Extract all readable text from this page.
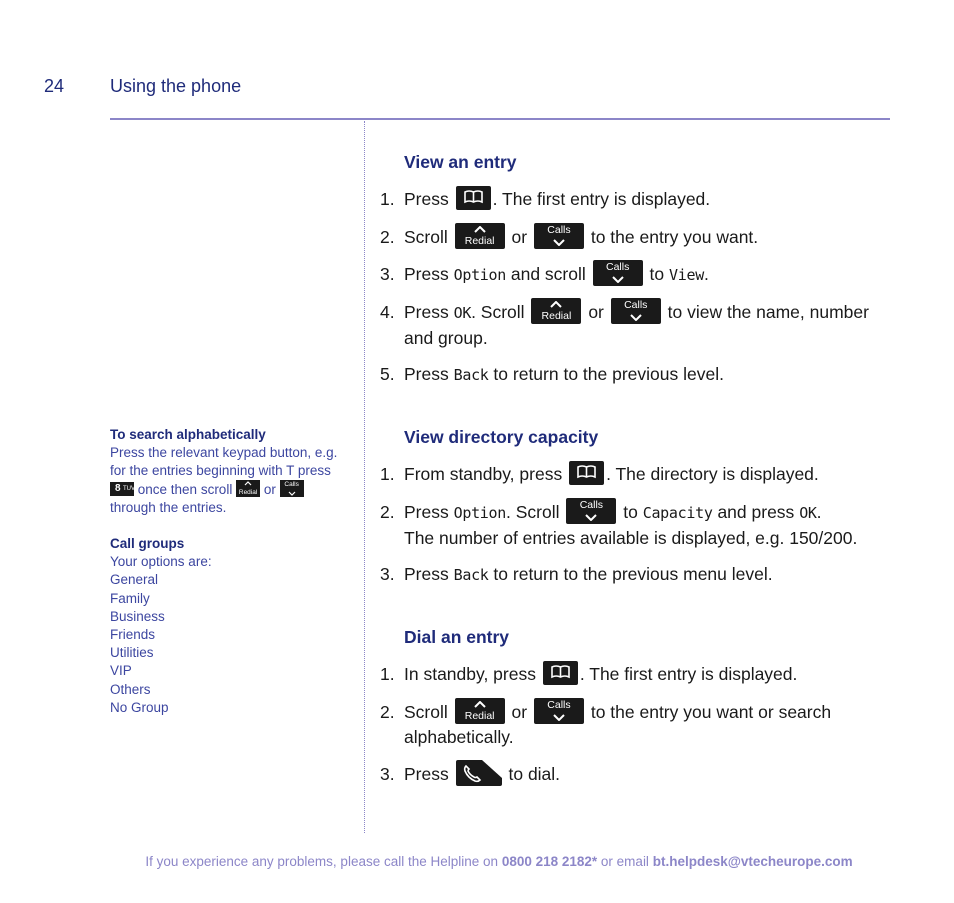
24	Using the phone
To search alphabetically
Press the relevant keypad button, e.g.
for the entries beginning with T press
8 TUV once then scroll	Redial or	Calls
through the entries.
Call groups
Your options are:
General
Family
Business
Friends
Utilities
VIP
Others
No Group
View an entry
1. Press	. The first entry is displayed.
2. Scroll	Redial or	Calls	to the entry you want.
3. Press Option and scroll	Calls	to View.
4. Press OK. Scroll	Redial or	Calls	to view the name, number
and group.
5. Press Back to return to the previous level.
View directory capacity
1. From standby, press	. The directory is displayed.
2. Press Option. Scroll	Calls	to Capacity and press OK.
The number of entries available is displayed, e.g. 150/200.
3. Press Back to return to the previous menu level.
Dial an entry
1. In standby, press	. The first entry is displayed.
2. Scroll	Redial or	Calls	to the entry you want or search
alphabetically.
3. Press	to dial.
If you experience any problems, please call the Helpline on 0800 218 2182* or email bt.helpdesk@vtecheurope.com
